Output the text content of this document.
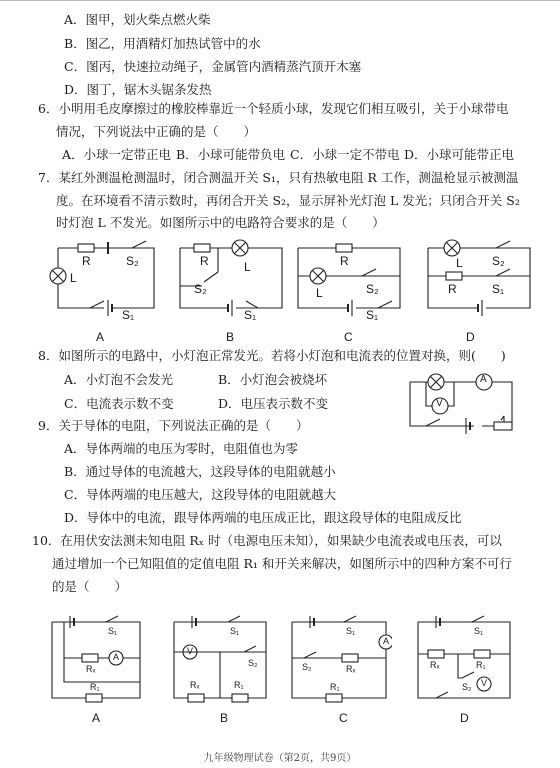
A．图甲，划火柴点燃火柴
B．图乙，用酒精灯加热试管中的水
C．图丙，快速拉动绳子，金属管内酒精蒸汽顶开木塞
D．图丁，锯木头锯条发热
6．小明用毛皮摩擦过的橡胶棒靠近一个轻质小球，发现它们相互吸引，关于小球带电
情况，下列说法中正确的是（　　）
A．小球一定带正电 B．小球可能带负电 C．小球一定不带电 D．小球可能带正电
7．某红外测温枪测温时，闭合测温开关 S₁，只有热敏电阻 R 工作，测温枪显示被测温
度。在环境看不清示数时，再闭合开关 S₂，显示屏补光灯泡 L 发光；只闭合开关 S₂
时灯泡 L 不发光。如图所示中的电路符合要求的是（　　）
R	S₂
L
S₁
A
R	L
S₂
S₁
B
R
L	S₂
S₁
C
L S₂
R	S₁
D
8．如图所示的电路中，小灯泡正常发光。若将小灯泡和电流表的位置对换，则(　　)
A．小灯泡不会发光	B．小灯泡会被烧坏
C．电流表示数不变	D．电压表示数不变
A
V
9．关于导体的电阻，下列说法正确的是（　　）
A．导体两端的电压为零时，电阻值也为零
B．通过导体的电流越大，这段导体的电阻就越小
C．导体两端的电压越大，这段导体的电阻就越大
D．导体中的电流，跟导体两端的电压成正比，跟这段导体的电阻成反比
10．在用伏安法测未知电阻 Rₓ 时（电源电压未知），如果缺少电流表或电压表，可以
通过增加一个已知阻值的定值电阻 R₁ 和开关来解决，如图所示中的四种方案不可行
的是（　　）
S₁
Rₓ
A
R₁
A
S₁
V
S₂
Rₓ	R₁
B
S₁
A
S₂	Rₓ
R₁
C
S₁
Rₓ	R₁
S₂ V
D
九年级物理试卷（第2页，共9页）
